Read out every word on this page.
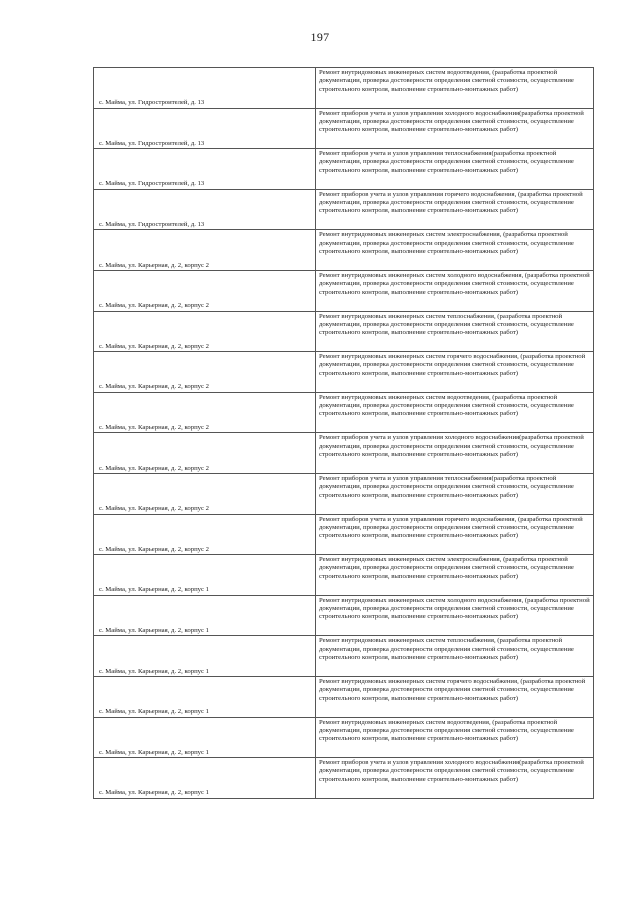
197
с. Майма, ул. Гидростроителей, д. 13	Ремонт внутридомовых инженерных систем водоотведения, (разработка проектной документации, проверка достоверности определения сметной стоимости, осуществление строительного контроля, выполнение строительно-монтажных работ)

с. Майма, ул. Гидростроителей, д. 13	Ремонт приборов учета и узлов управления холодного водоснабжения(разработка проектной документации, проверка достоверности определения сметной стоимости, осуществление строительного контроля, выполнение строительно-монтажных работ)

с. Майма, ул. Гидростроителей, д. 13	Ремонт приборов учета и узлов управления теплоснабжения(разработка проектной документации, проверка достоверности определения сметной стоимости, осуществление строительного контроля, выполнение строительно-монтажных работ)

с. Майма, ул. Гидростроителей, д. 13	Ремонт приборов учета и узлов управления горячего водоснабжения, (разработка проектной документации, проверка достоверности определения сметной стоимости, осуществление строительного контроля, выполнение строительно-монтажных работ)

с. Майма, ул. Карьерная, д. 2, корпус 2	Ремонт внутридомовых инженерных систем электроснабжения, (разработка проектной документации, проверка достоверности определения сметной стоимости, осуществление строительного контроля, выполнение строительно-монтажных работ)

с. Майма, ул. Карьерная, д. 2, корпус 2	Ремонт внутридомовых инженерных систем холодного водоснабжения, (разработка проектной документации, проверка достоверности определения сметной стоимости, осуществление строительного контроля, выполнение строительно-монтажных работ)

с. Майма, ул. Карьерная, д. 2, корпус 2	Ремонт внутридомовых инженерных систем теплоснабжения, (разработка проектной документации, проверка достоверности определения сметной стоимости, осуществление строительного контроля, выполнение строительно-монтажных работ)

с. Майма, ул. Карьерная, д. 2, корпус 2	Ремонт внутридомовых инженерных систем горячего водоснабжения, (разработка проектной документации, проверка достоверности определения сметной стоимости, осуществление строительного контроля, выполнение строительно-монтажных работ)

с. Майма, ул. Карьерная, д. 2, корпус 2	Ремонт внутридомовых инженерных систем водоотведения, (разработка проектной документации, проверка достоверности определения сметной стоимости, осуществление строительного контроля, выполнение строительно-монтажных работ)

с. Майма, ул. Карьерная, д. 2, корпус 2	Ремонт приборов учета и узлов управления холодного водоснабжения(разработка проектной документации, проверка достоверности определения сметной стоимости, осуществление строительного контроля, выполнение строительно-монтажных работ)

с. Майма, ул. Карьерная, д. 2, корпус 2	Ремонт приборов учета и узлов управления теплоснабжения(разработка проектной документации, проверка достоверности определения сметной стоимости, осуществление строительного контроля, выполнение строительно-монтажных работ)

с. Майма, ул. Карьерная, д. 2, корпус 2	Ремонт приборов учета и узлов управления горячего водоснабжения, (разработка проектной документации, проверка достоверности определения сметной стоимости, осуществление строительного контроля, выполнение строительно-монтажных работ)

с. Майма, ул. Карьерная, д. 2, корпус 1	Ремонт внутридомовых инженерных систем электроснабжения, (разработка проектной документации, проверка достоверности определения сметной стоимости, осуществление строительного контроля, выполнение строительно-монтажных работ)

с. Майма, ул. Карьерная, д. 2, корпус 1	Ремонт внутридомовых инженерных систем холодного водоснабжения, (разработка проектной документации, проверка достоверности определения сметной стоимости, осуществление строительного контроля, выполнение строительно-монтажных работ)

с. Майма, ул. Карьерная, д. 2, корпус 1	Ремонт внутридомовых инженерных систем теплоснабжения, (разработка проектной документации, проверка достоверности определения сметной стоимости, осуществление строительного контроля, выполнение строительно-монтажных работ)

с. Майма, ул. Карьерная, д. 2, корпус 1	Ремонт внутридомовых инженерных систем горячего водоснабжения, (разработка проектной документации, проверка достоверности определения сметной стоимости, осуществление строительного контроля, выполнение строительно-монтажных работ)

с. Майма, ул. Карьерная, д. 2, корпус 1	Ремонт внутридомовых инженерных систем водоотведения, (разработка проектной документации, проверка достоверности определения сметной стоимости, осуществление строительного контроля, выполнение строительно-монтажных работ)

с. Майма, ул. Карьерная, д. 2, корпус 1	Ремонт приборов учета и узлов управления холодного водоснабжения(разработка проектной документации, проверка достоверности определения сметной стоимости, осуществление строительного контроля, выполнение строительно-монтажных работ)
